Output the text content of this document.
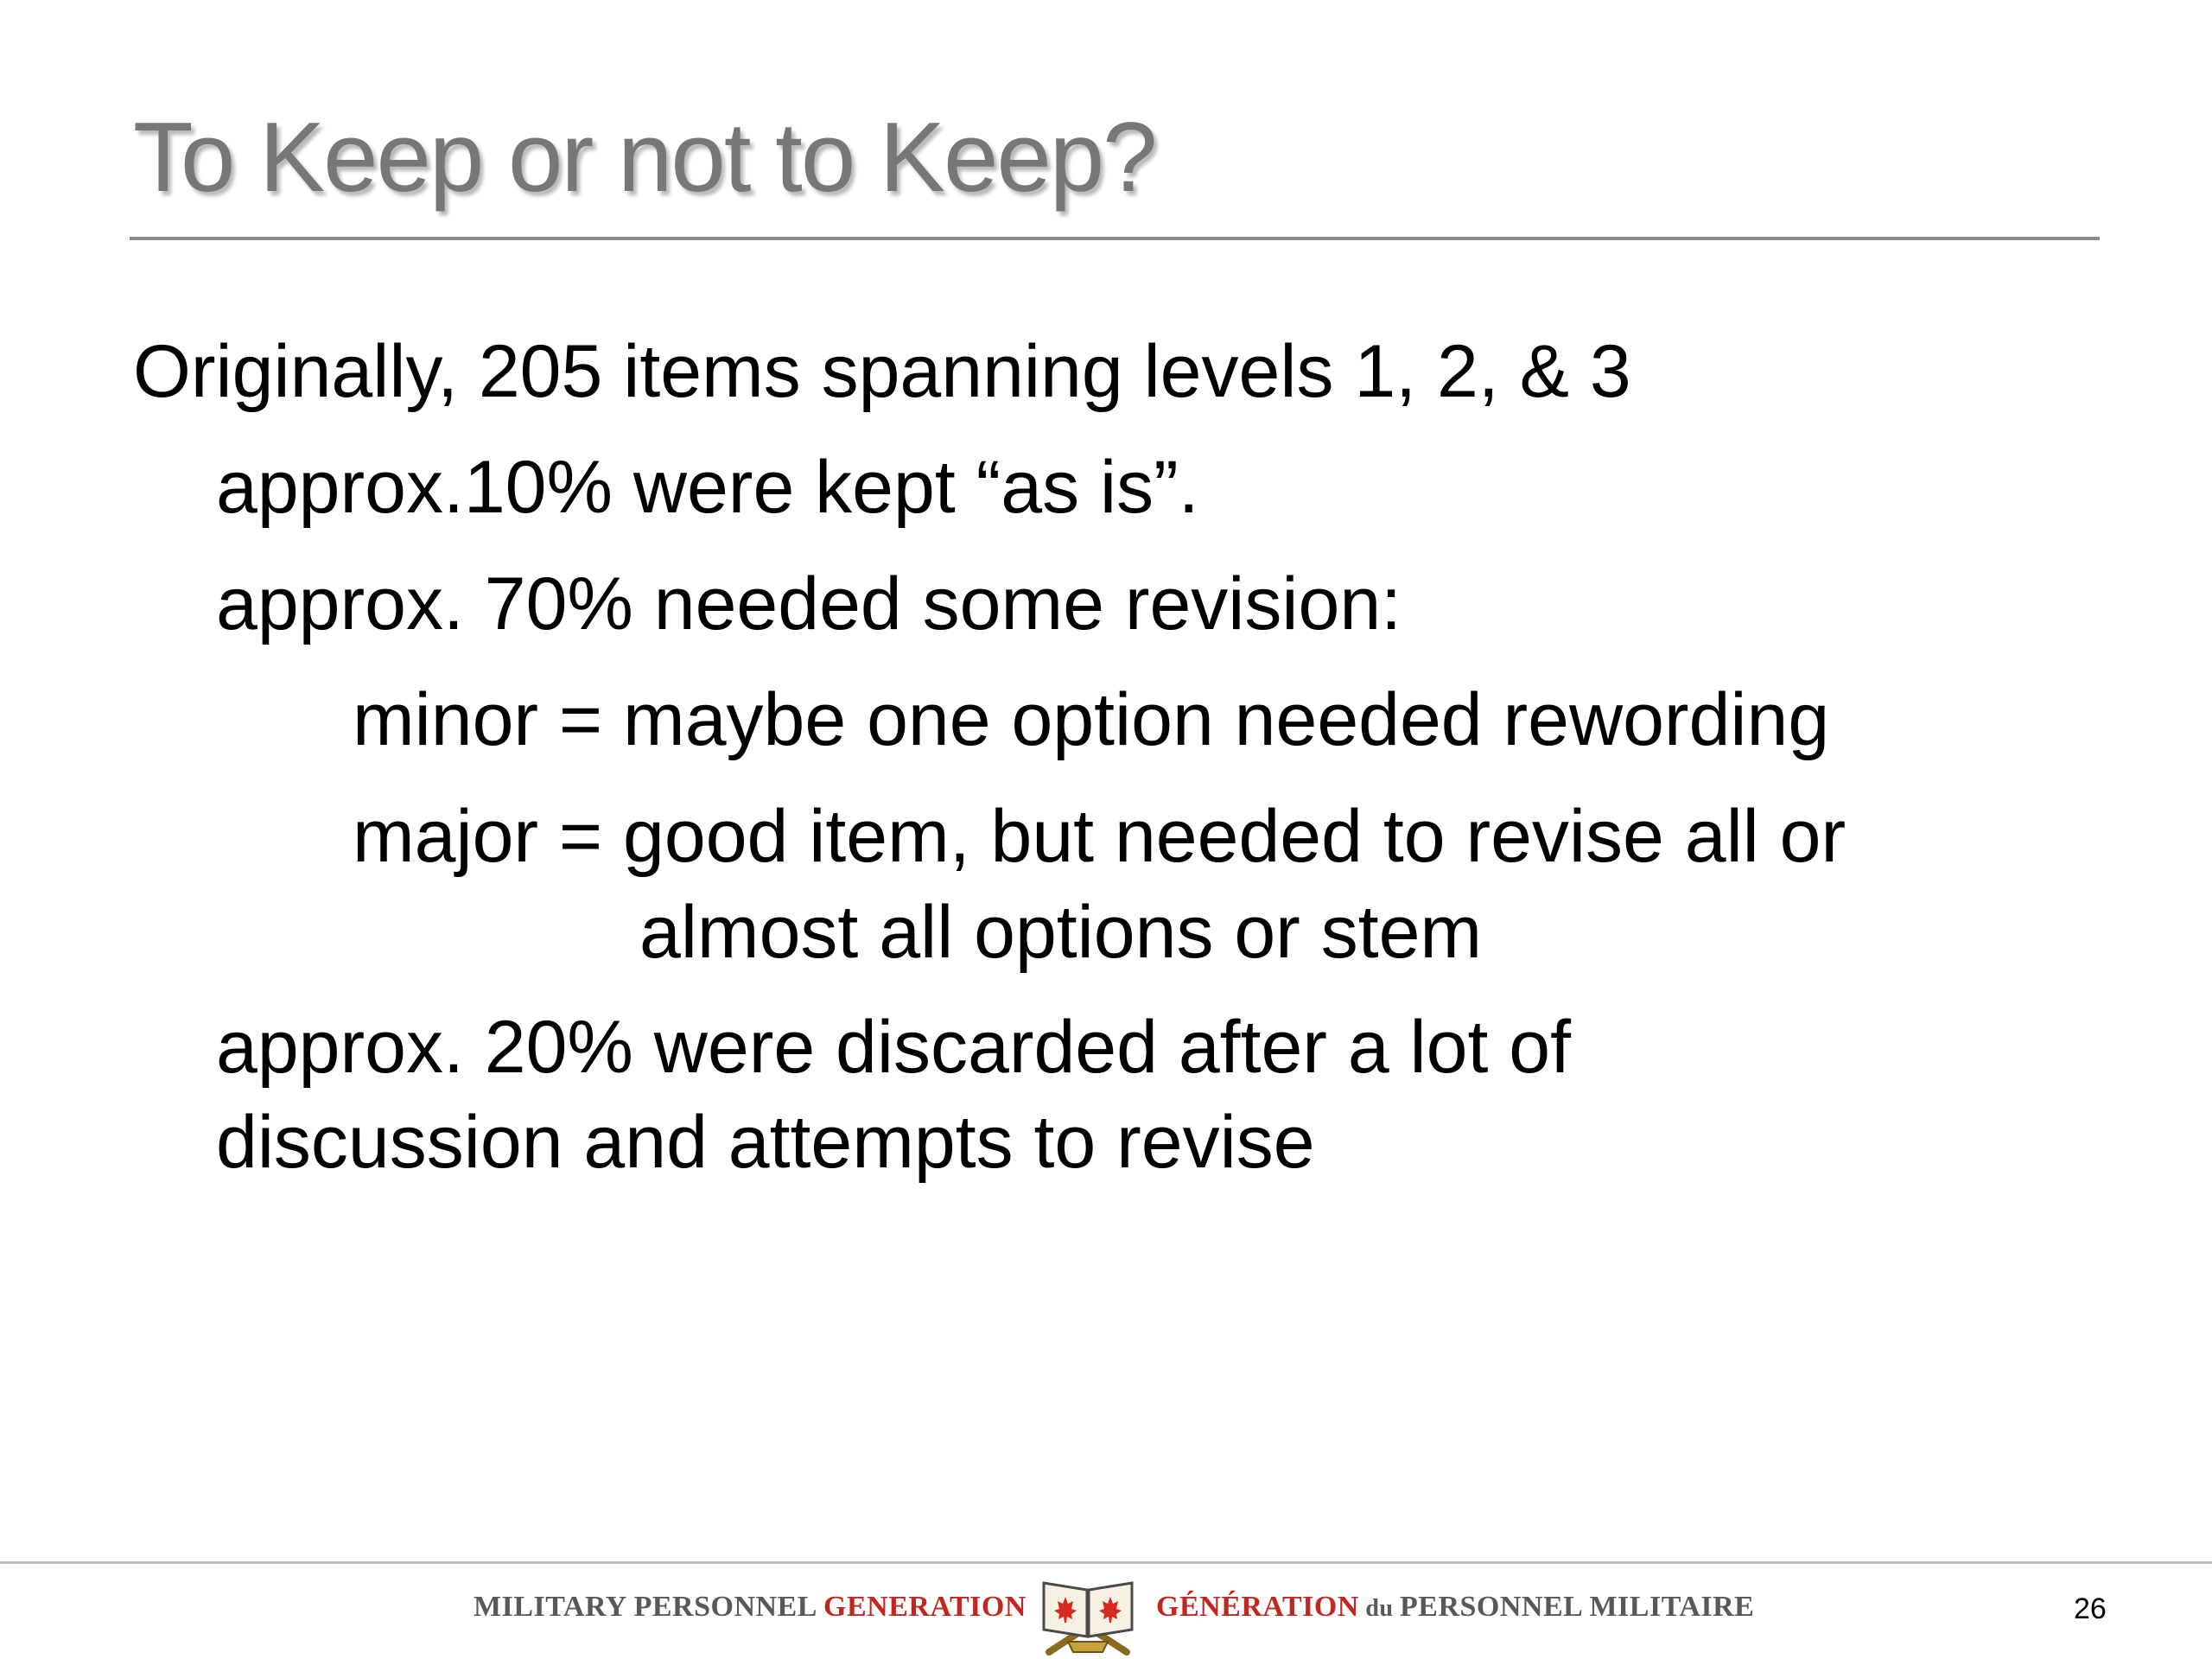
To Keep or not to Keep?
Originally, 205 items spanning levels 1, 2, & 3
approx.10% were kept “as is”.
approx. 70% needed some revision:
minor = maybe one option needed rewording
major = good item, but needed to revise all or
almost all options or stem
approx. 20% were discarded after a lot of
discussion and attempts to revise
MILITARY PERSONNEL GENERATION	GÉNÉRATION du PERSONNEL MILITAIRE	26
